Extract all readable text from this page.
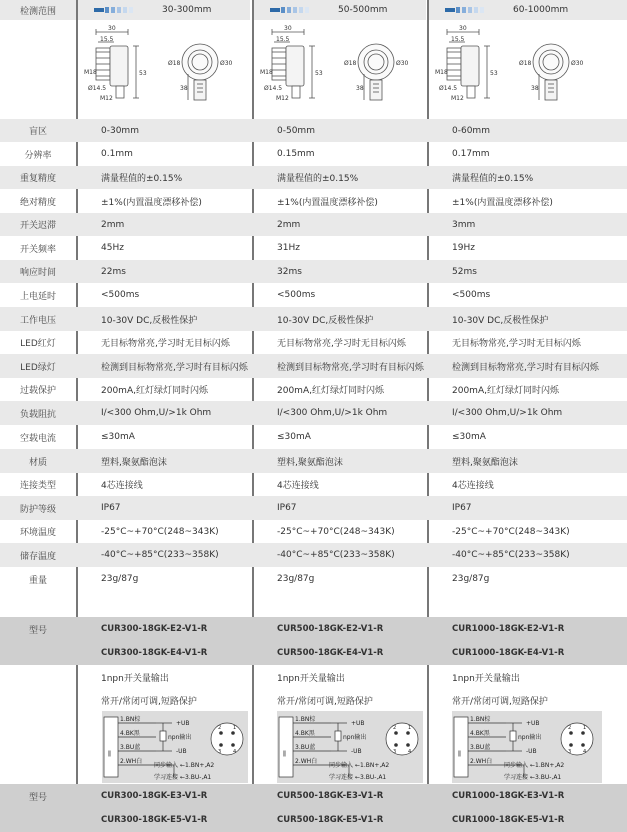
检测范围	30-300mm
30
15.5
M18
Ø14.5
M12
53
Ø18	Ø30
38
50-500mm
30
15.5
M18
Ø14.5
M12
53
Ø18	Ø30
38
60-1000mm
30
15.5
M18
Ø14.5
M12
53
Ø18	Ø30
38
盲区	0-30mm	0-50mm	0-60mm
分辨率	0.1mm	0.15mm	0.17mm
重复精度	满量程值的±0.15%	满量程值的±0.15%	满量程值的±0.15%
绝对精度	±1%(内置温度漂移补偿)	±1%(内置温度漂移补偿)	±1%(内置温度漂移补偿)
开关迟滞	2mm	2mm	3mm
开关频率	45Hz	31Hz	19Hz
响应时间	22ms	32ms	52ms
上电延时	<500ms	<500ms	<500ms
工作电压	10-30V DC,反极性保护	10-30V DC,反极性保护	10-30V DC,反极性保护
LED红灯	无目标物常亮,学习时无目标闪烁	无目标物常亮,学习时无目标闪烁	无目标物常亮,学习时无目标闪烁
LED绿灯	检测到目标物常亮,学习时有目标闪烁	检测到目标物常亮,学习时有目标闪烁	检测到目标物常亮,学习时有目标闪烁
过载保护	200mA,红灯绿灯同时闪烁	200mA,红灯绿灯同时闪烁	200mA,红灯绿灯同时闪烁
负载阻抗	I/<300 Ohm,U/>1k Ohm	I/<300 Ohm,U/>1k Ohm	I/<300 Ohm,U/>1k Ohm
空载电流	≤30mA	≤30mA	≤30mA
材质	塑料,聚氨酯泡沫	塑料,聚氨酯泡沫	塑料,聚氨酯泡沫
连接类型	4芯连接线	4芯连接线	4芯连接线
防护等级	IP67	IP67	IP67
环境温度	-25°C~+70°C(248~343K)	-25°C~+70°C(248~343K)	-25°C~+70°C(248~343K)
储存温度	-40°C~+85°C(233~358K)	-40°C~+85°C(233~358K)	-40°C~+85°C(233~358K)
重量	23g/87g	23g/87g	23g/87g
型号	CUR300-18GK-E2-V1-R	CUR500-18GK-E2-V1-R	CUR1000-18GK-E2-V1-R
CUR300-18GK-E4-V1-R	CUR500-18GK-E4-V1-R	CUR1000-18GK-E4-V1-R
1npn开关量输出	1npn开关量输出	1npn开关量输出
常开/常闭可调,短路保护	常开/常闭可调,短路保护	常开/常闭可调,短路保护
ǁ
1.BN棕
4.BK黑
3.BU蓝
2.WH白
+UB
npn输出
-UB
同步输入 ←1.BN+,A2
学习连接 ←3.BU-,A1
2 1
3 4	ǁ
1.BN棕
4.BK黑
3.BU蓝
2.WH白
+UB
npn输出
-UB
同步输入 ←1.BN+,A2
学习连接 ←3.BU-,A1
2 1
3 4	ǁ
1.BN棕
4.BK黑
3.BU蓝
2.WH白
+UB
npn输出
-UB
同步输入 ←1.BN+,A2
学习连接 ←3.BU-,A1
2 1
3 4
型号	CUR300-18GK-E3-V1-R	CUR500-18GK-E3-V1-R	CUR1000-18GK-E3-V1-R
CUR300-18GK-E5-V1-R	CUR500-18GK-E5-V1-R	CUR1000-18GK-E5-V1-R
